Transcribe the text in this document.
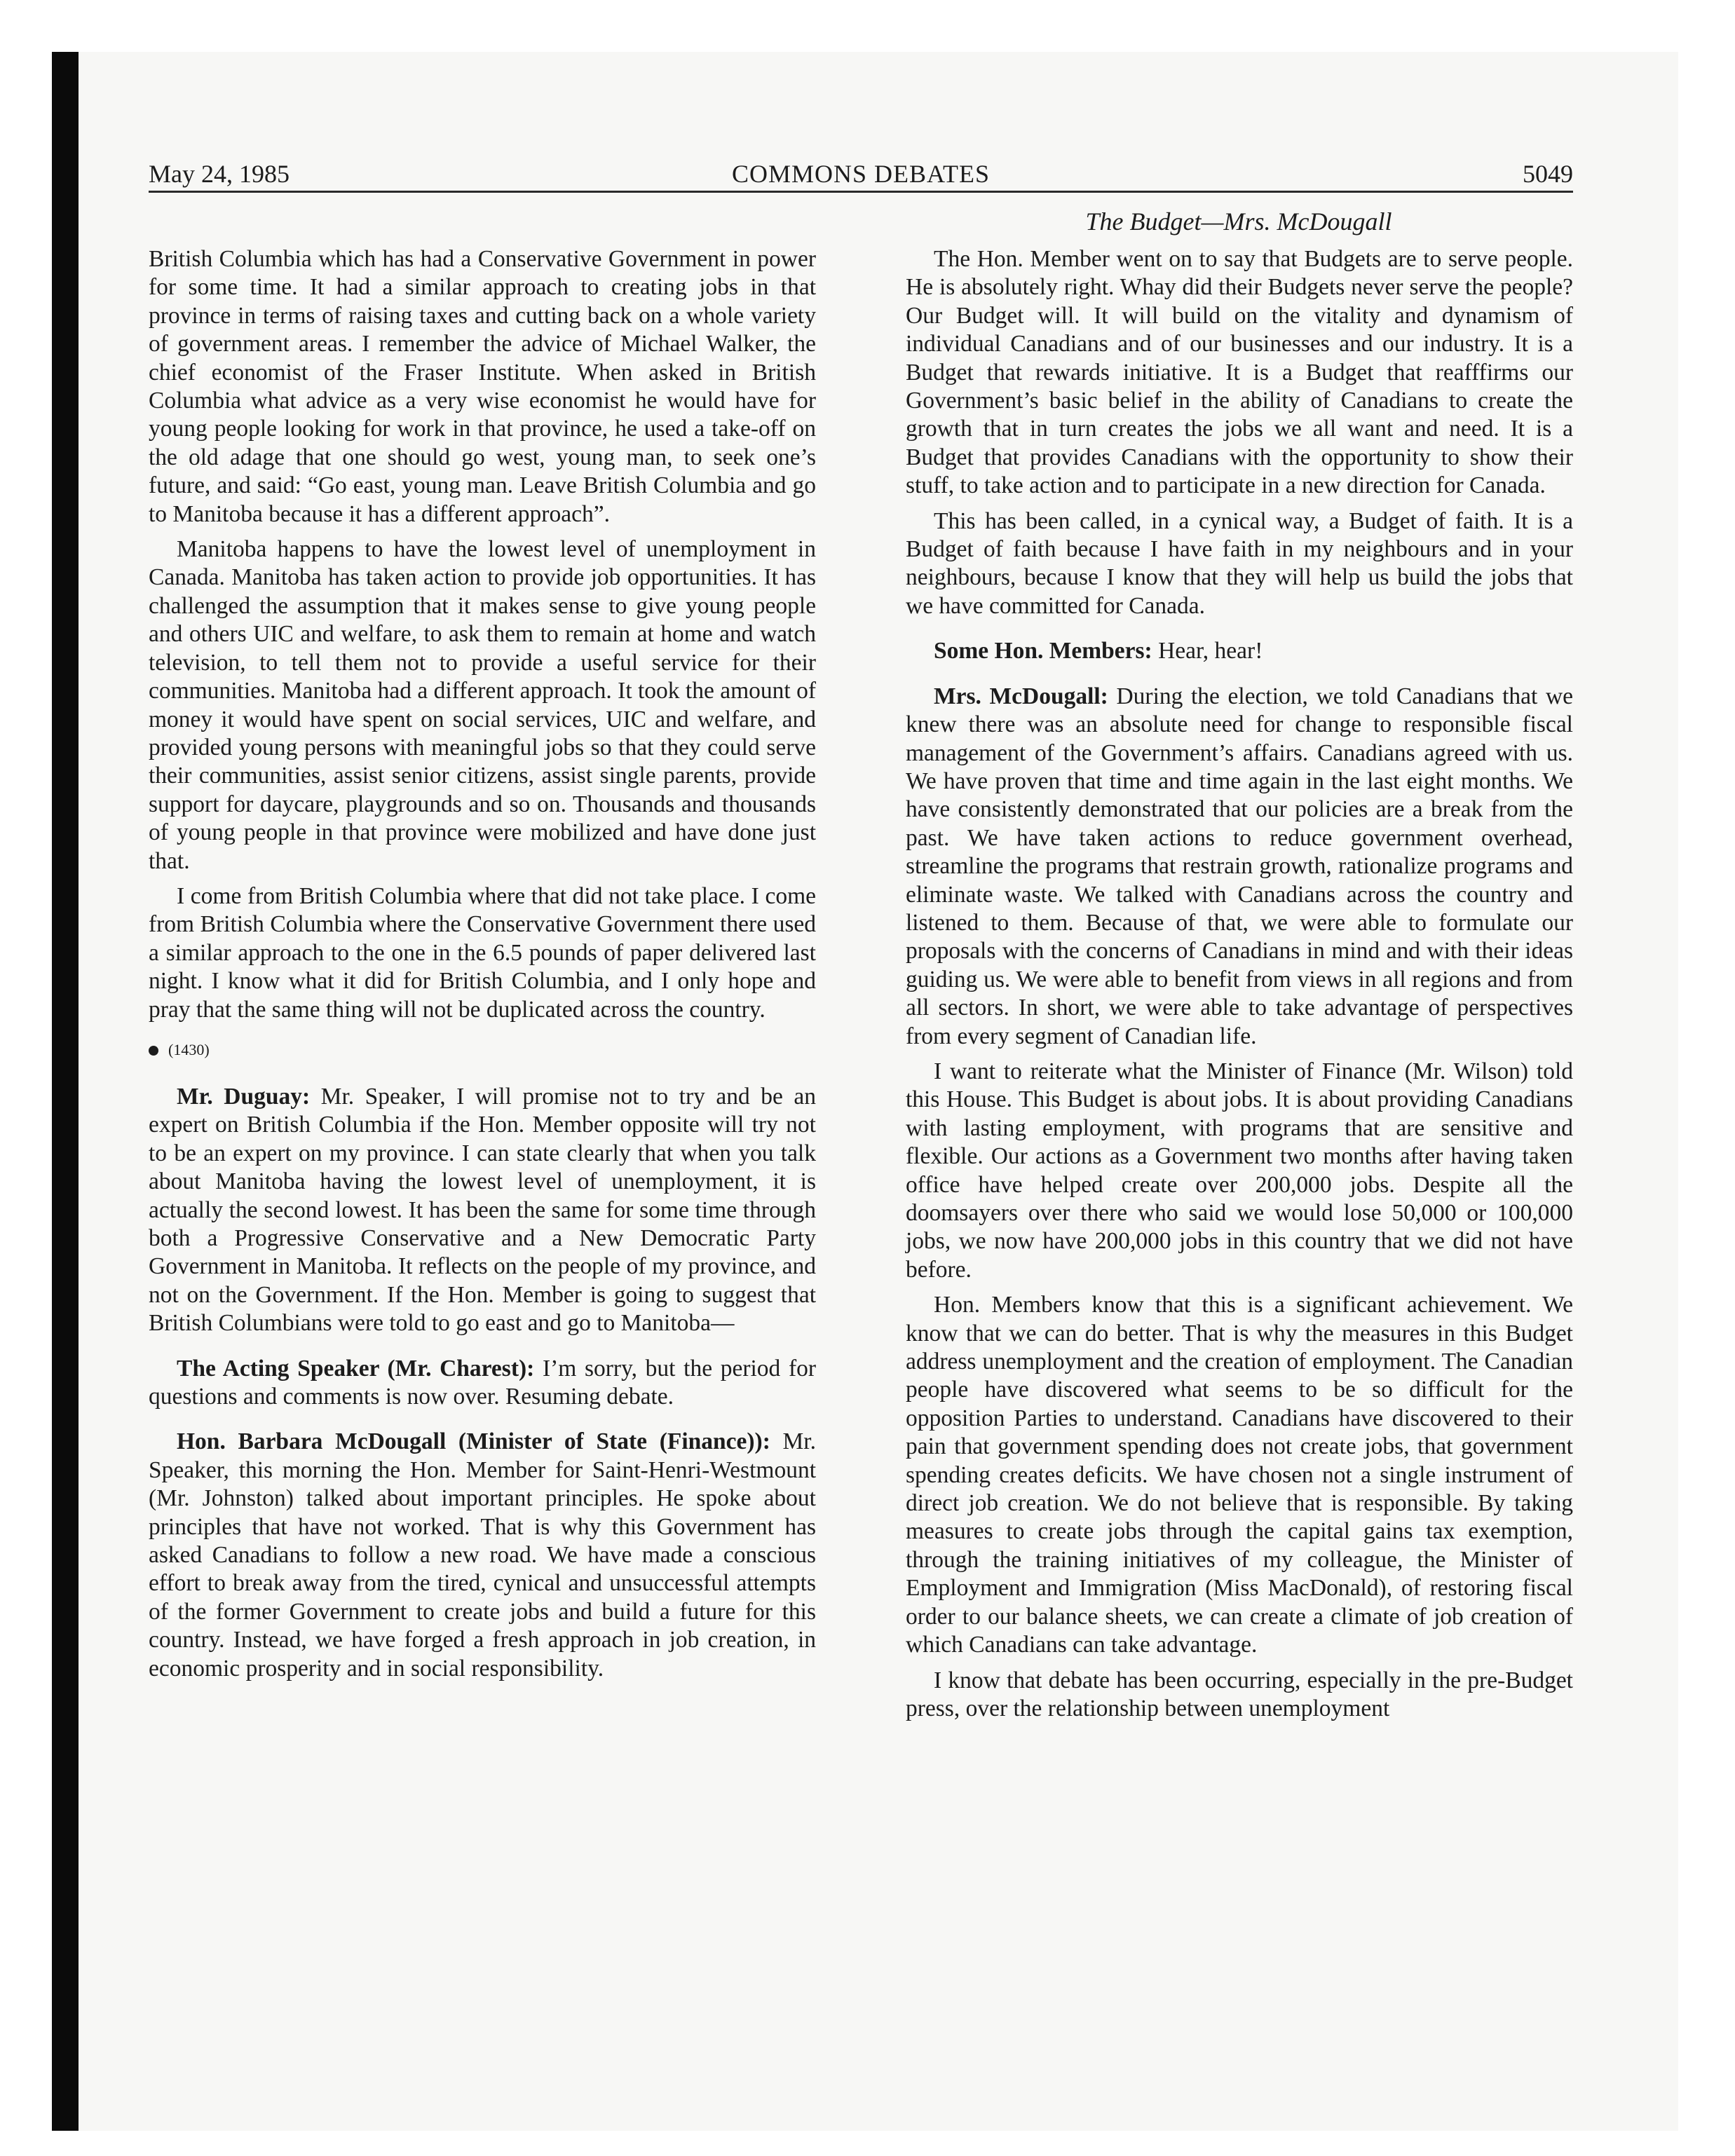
May 24, 1985	COMMONS DEBATES	5049
The Budget—Mrs. McDougall

British Columbia which has had a Conservative Government in power for some time. It had a similar approach to creating jobs in that province in terms of raising taxes and cutting back on a whole variety of government areas. I remember the advice of Michael Walker, the chief economist of the Fraser Institute. When asked in British Columbia what advice as a very wise economist he would have for young people looking for work in that province, he used a take-off on the old adage that one should go west, young man, to seek one’s future, and said: “Go east, young man. Leave British Columbia and go to Manitoba because it has a different approach”.

Manitoba happens to have the lowest level of unemployment in Canada. Manitoba has taken action to provide job opportunities. It has challenged the assumption that it makes sense to give young people and others UIC and welfare, to ask them to remain at home and watch television, to tell them not to provide a useful service for their communities. Manitoba had a different approach. It took the amount of money it would have spent on social services, UIC and welfare, and provided young persons with meaningful jobs so that they could serve their communities, assist senior citizens, assist single parents, provide support for daycare, playgrounds and so on. Thousands and thousands of young people in that province were mobilized and have done just that.

I come from British Columbia where that did not take place. I come from British Columbia where the Conservative Government there used a similar approach to the one in the 6.5 pounds of paper delivered last night. I know what it did for British Columbia, and I only hope and pray that the same thing will not be duplicated across the country.

(1430)

Mr. Duguay: Mr. Speaker, I will promise not to try and be an expert on British Columbia if the Hon. Member opposite will try not to be an expert on my province. I can state clearly that when you talk about Manitoba having the lowest level of unemployment, it is actually the second lowest. It has been the same for some time through both a Progressive Conservative and a New Democratic Party Government in Manitoba. It reflects on the people of my province, and not on the Government. If the Hon. Member is going to suggest that British Columbians were told to go east and go to Manitoba—

The Acting Speaker (Mr. Charest): I’m sorry, but the period for questions and comments is now over. Resuming debate.

Hon. Barbara McDougall (Minister of State (Finance)): Mr. Speaker, this morning the Hon. Member for Saint-Henri-Westmount (Mr. Johnston) talked about important principles. He spoke about principles that have not worked. That is why this Government has asked Canadians to follow a new road. We have made a conscious effort to break away from the tired, cynical and unsuccessful attempts of the former Government to create jobs and build a future for this country. Instead, we have forged a fresh approach in job creation, in economic prosperity and in social responsibility.

The Hon. Member went on to say that Budgets are to serve people. He is absolutely right. Whay did their Budgets never serve the people? Our Budget will. It will build on the vitality and dynamism of individual Canadians and of our businesses and our industry. It is a Budget that rewards initiative. It is a Budget that reafffirms our Government’s basic belief in the ability of Canadians to create the growth that in turn creates the jobs we all want and need. It is a Budget that provides Canadians with the opportunity to show their stuff, to take action and to participate in a new direction for Canada.

This has been called, in a cynical way, a Budget of faith. It is a Budget of faith because I have faith in my neighbours and in your neighbours, because I know that they will help us build the jobs that we have committed for Canada.

Some Hon. Members: Hear, hear!

Mrs. McDougall: During the election, we told Canadians that we knew there was an absolute need for change to responsible fiscal management of the Government’s affairs. Canadians agreed with us. We have proven that time and time again in the last eight months. We have consistently demonstrated that our policies are a break from the past. We have taken actions to reduce government overhead, streamline the programs that restrain growth, rationalize programs and eliminate waste. We talked with Canadians across the country and listened to them. Because of that, we were able to formulate our proposals with the concerns of Canadians in mind and with their ideas guiding us. We were able to benefit from views in all regions and from all sectors. In short, we were able to take advantage of perspectives from every segment of Canadian life.

I want to reiterate what the Minister of Finance (Mr. Wilson) told this House. This Budget is about jobs. It is about providing Canadians with lasting employment, with programs that are sensitive and flexible. Our actions as a Government two months after having taken office have helped create over 200,000 jobs. Despite all the doomsayers over there who said we would lose 50,000 or 100,000 jobs, we now have 200,000 jobs in this country that we did not have before.

Hon. Members know that this is a significant achievement. We know that we can do better. That is why the measures in this Budget address unemployment and the creation of employment. The Canadian people have discovered what seems to be so difficult for the opposition Parties to understand. Canadians have discovered to their pain that government spending does not create jobs, that government spending creates deficits. We have chosen not a single instrument of direct job creation. We do not believe that is responsible. By taking measures to create jobs through the capital gains tax exemption, through the training initiatives of my colleague, the Minister of Employment and Immigration (Miss MacDonald), of restoring fiscal order to our balance sheets, we can create a climate of job creation of which Canadians can take advantage.

I know that debate has been occurring, especially in the pre-Budget press, over the relationship between unemployment
